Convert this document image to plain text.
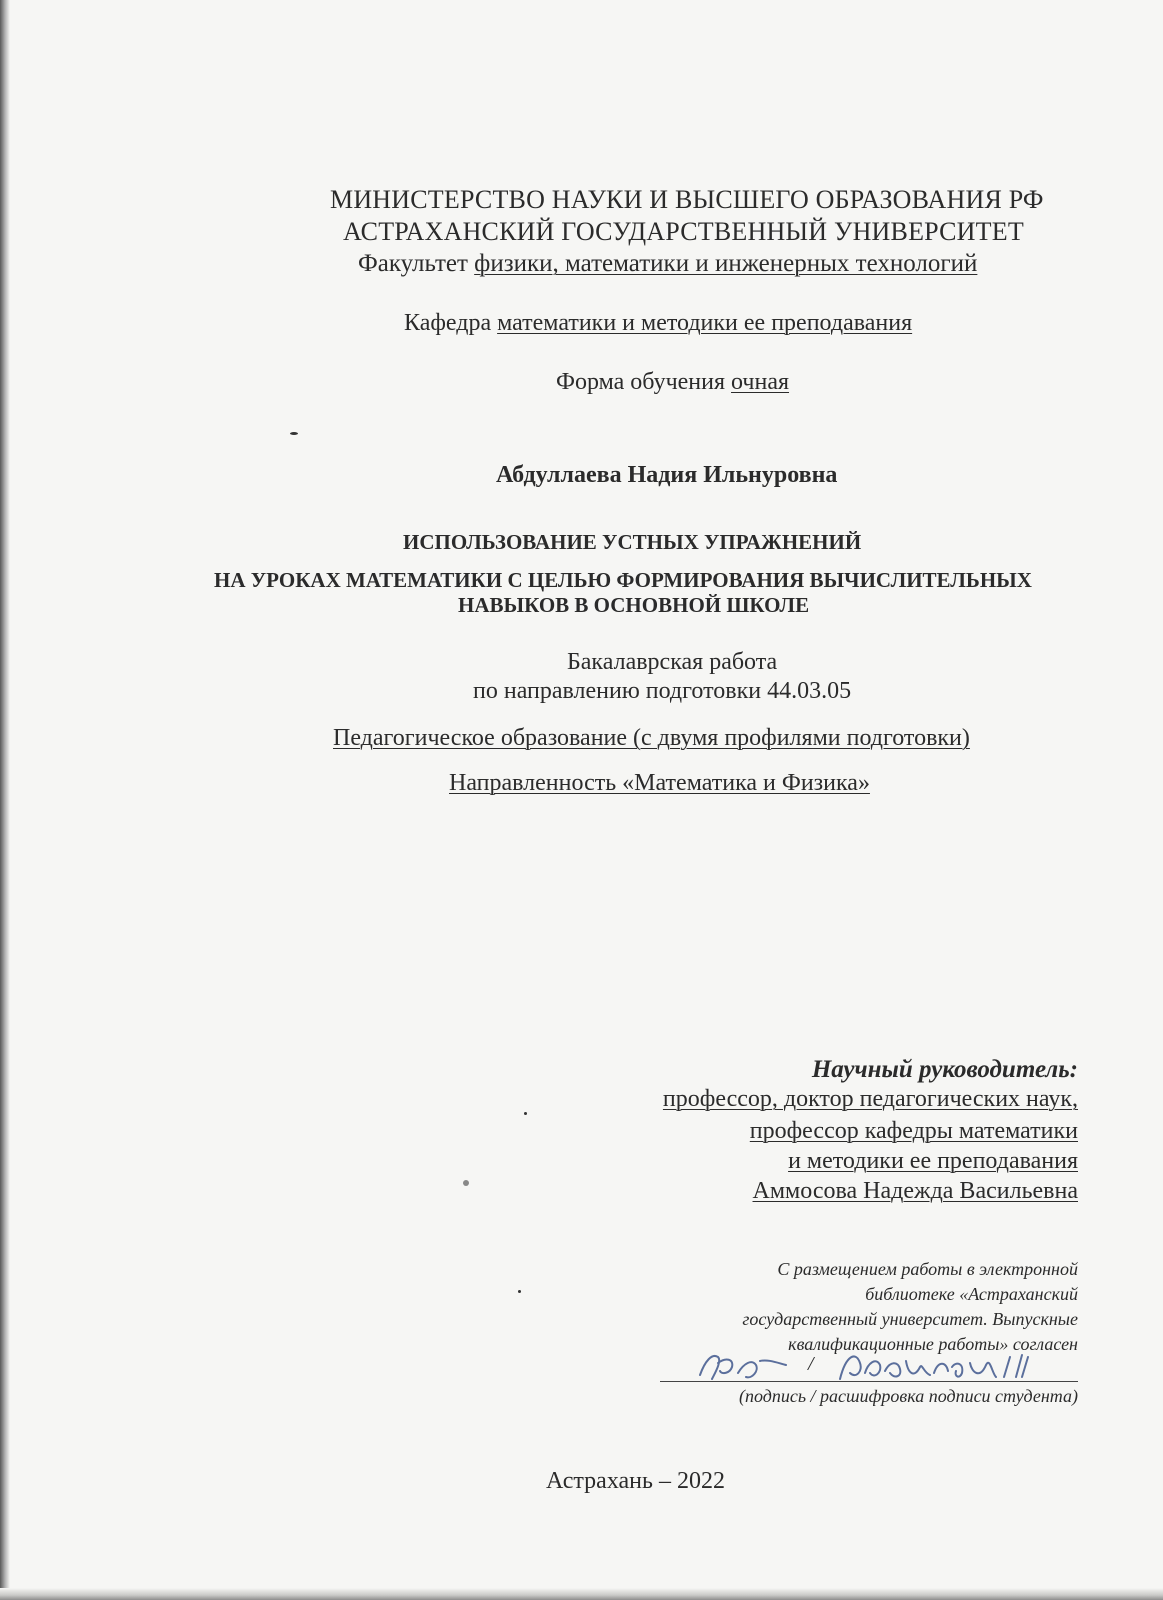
МИНИСТЕРСТВО НАУКИ И ВЫСШЕГО ОБРАЗОВАНИЯ РФ
АСТРАХАНСКИЙ ГОСУДАРСТВЕННЫЙ УНИВЕРСИТЕТ
Факультет физики, математики и инженерных технологий
Кафедра математики и методики ее преподавания
Форма обучения очная
Абдуллаева Надия Ильнуровна
ИСПОЛЬЗОВАНИЕ УСТНЫХ УПРАЖНЕНИЙ
НА УРОКАХ МАТЕМАТИКИ С ЦЕЛЬЮ ФОРМИРОВАНИЯ ВЫЧИСЛИТЕЛЬНЫХ
НАВЫКОВ В ОСНОВНОЙ ШКОЛЕ
Бакалаврская работа
по направлению подготовки 44.03.05
Педагогическое образование (с двумя профилями подготовки)
Направленность «Математика и Физика»
Научный руководитель:
профессор, доктор педагогических наук,
профессор кафедры математики
и методики ее преподавания
Аммосова Надежда Васильевна
С размещением работы в электронной
библиотеке «Астраханский
государственный университет. Выпускные
квалификационные работы» согласен
/
(подпись / расшифровка подписи студента)
Астрахань – 2022
